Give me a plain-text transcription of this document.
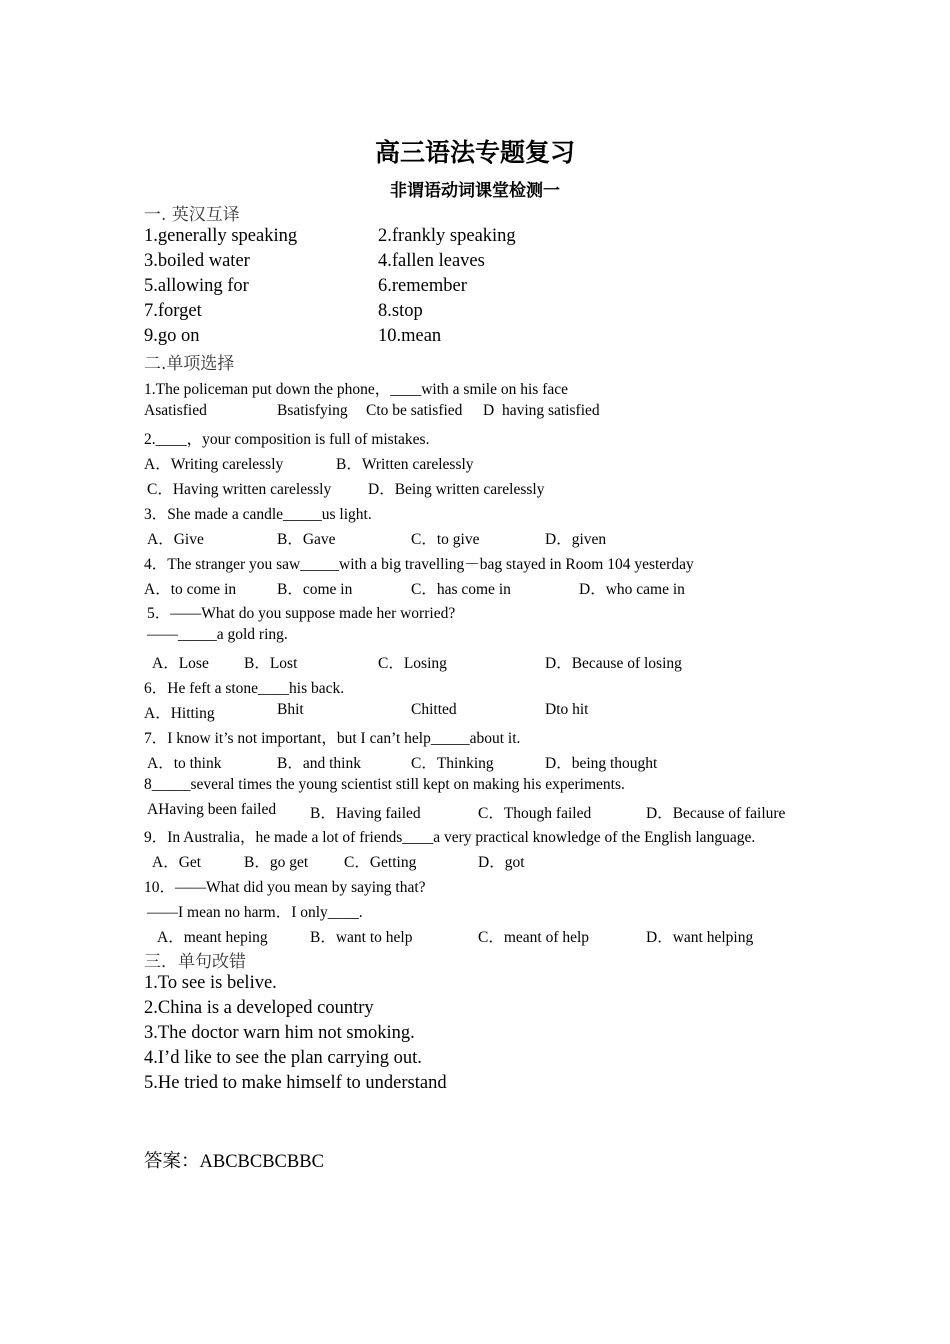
高三语法专题复习
非谓语动词课堂检测一
一. 英汉互译
1.generally speaking	2.frankly speaking
3.boiled water	4.fallen leaves
5.allowing for	6.remember
7.forget	8.stop
9.go on	10.mean
二.单项选择
1.The policeman put down the phone，____with a smile on his face
Asatisfied	Bsatisfying Cto be satisfied D  having satisfied
2.____，your composition is full of mistakes.
A．Writing carelessly	B．Written carelessly
C．Having written carelessly D．Being written carelessly
3．She made a candle_____us light.
A．Give	B．Gave	C．to give	D．given
4．The stranger you saw_____with a big travelling－bag stayed in Room 104 yesterday
A．to come in	B．come in	C．has come in	D．who came in
5．——What do you suppose made her worried?
——_____a gold ring.
A．Lose B．Lost	C．Losing	D．Because of losing
6．He feft a stone____his back.
A．Hitting	Bhit	Chitted	Dto hit
7．I know it’s not important，but I can’t help_____about it.
A．to think	B．and think	C．Thinking	D．being thought
8_____several times the young scientist still kept on making his experiments.
AHaving been failed B．Having failed	C．Though failed	D．Because of failure
9．In Australia，he made a lot of friends____a very practical knowledge of the English language.
A．Get	B．go get C．Getting	D．got
10．——What did you mean by saying that?
——I mean no harm．I only____.
A．meant heping	B．want to help	C．meant of help	D．want helping
三．单句改错
1.To see is belive.
2.China is a developed country
3.The doctor warn him not smoking.
4.I’d like to see the plan carrying out.
5.He tried to make himself to understand
答案：ABCBCBCBBC
